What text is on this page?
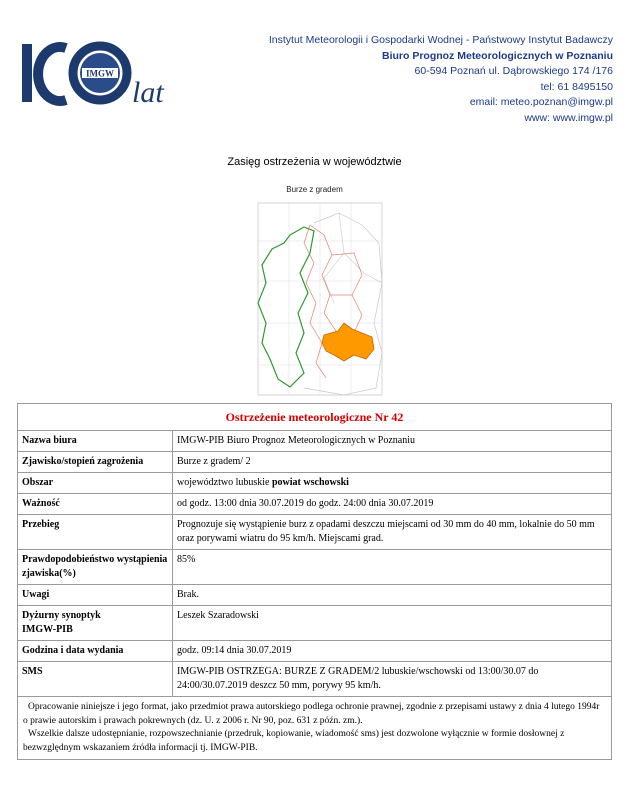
IMGW
lat
Instytut Meteorologii i Gospodarki Wodnej - Państwowy Instytut Badawczy
Biuro Prognoz Meteorologicznych w Poznaniu
60-594 Poznań ul. Dąbrowskiego 174 /176
tel: 61 8495150
email: meteo.poznan@imgw.pl
www: www.imgw.pl
Zasięg ostrzeżenia w województwie
Burze z gradem
Ostrzeżenie meteorologiczne Nr 42	
Nazwa biura	IMGW-PIB Biuro Prognoz Meteorologicznych w Poznaniu
Zjawisko/stopień zagrożenia	Burze z gradem/ 2
Obszar	województwo lubuskie powiat wschowski
Ważność	od godz. 13:00 dnia 30.07.2019 do godz. 24:00 dnia 30.07.2019
Przebieg	Prognozuje się wystąpienie burz z opadami deszczu miejscami od 30 mm do 40 mm, lokalnie do 50 mm oraz porywami wiatru do 95 km/h. Miejscami grad.
Prawdopodobieństwo wystąpienia zjawiska(%)	85%
Uwagi	Brak.

Dyżurny synoptyk
IMGW-PIB	Leszek Szaradowski
Godzina i data wydania	godz. 09:14 dnia 30.07.2019
SMS	IMGW-PIB OSTRZEGA: BURZE Z GRADEM/2 lubuskie/wschowski od 13:00/30.07 do 24:00/30.07.2019 deszcz 50 mm, porywy 95 km/h.

Opracowanie niniejsze i jego format, jako przedmiot prawa autorskiego podlega ochronie prawnej, zgodnie z przepisami ustawy z dnia 4 lutego 1994r o prawie autorskim i prawach pokrewnych (dz. U. z 2006 r. Nr 90, poz. 631 z późn. zm.).
Wszelkie dalsze udostępnianie, rozpowszechnianie (przedruk, kopiowanie, wiadomość sms) jest dozwolone wyłącznie w formie dosłownej z bezwzględnym wskazaniem źródła informacji tj. IMGW-PIB.	
